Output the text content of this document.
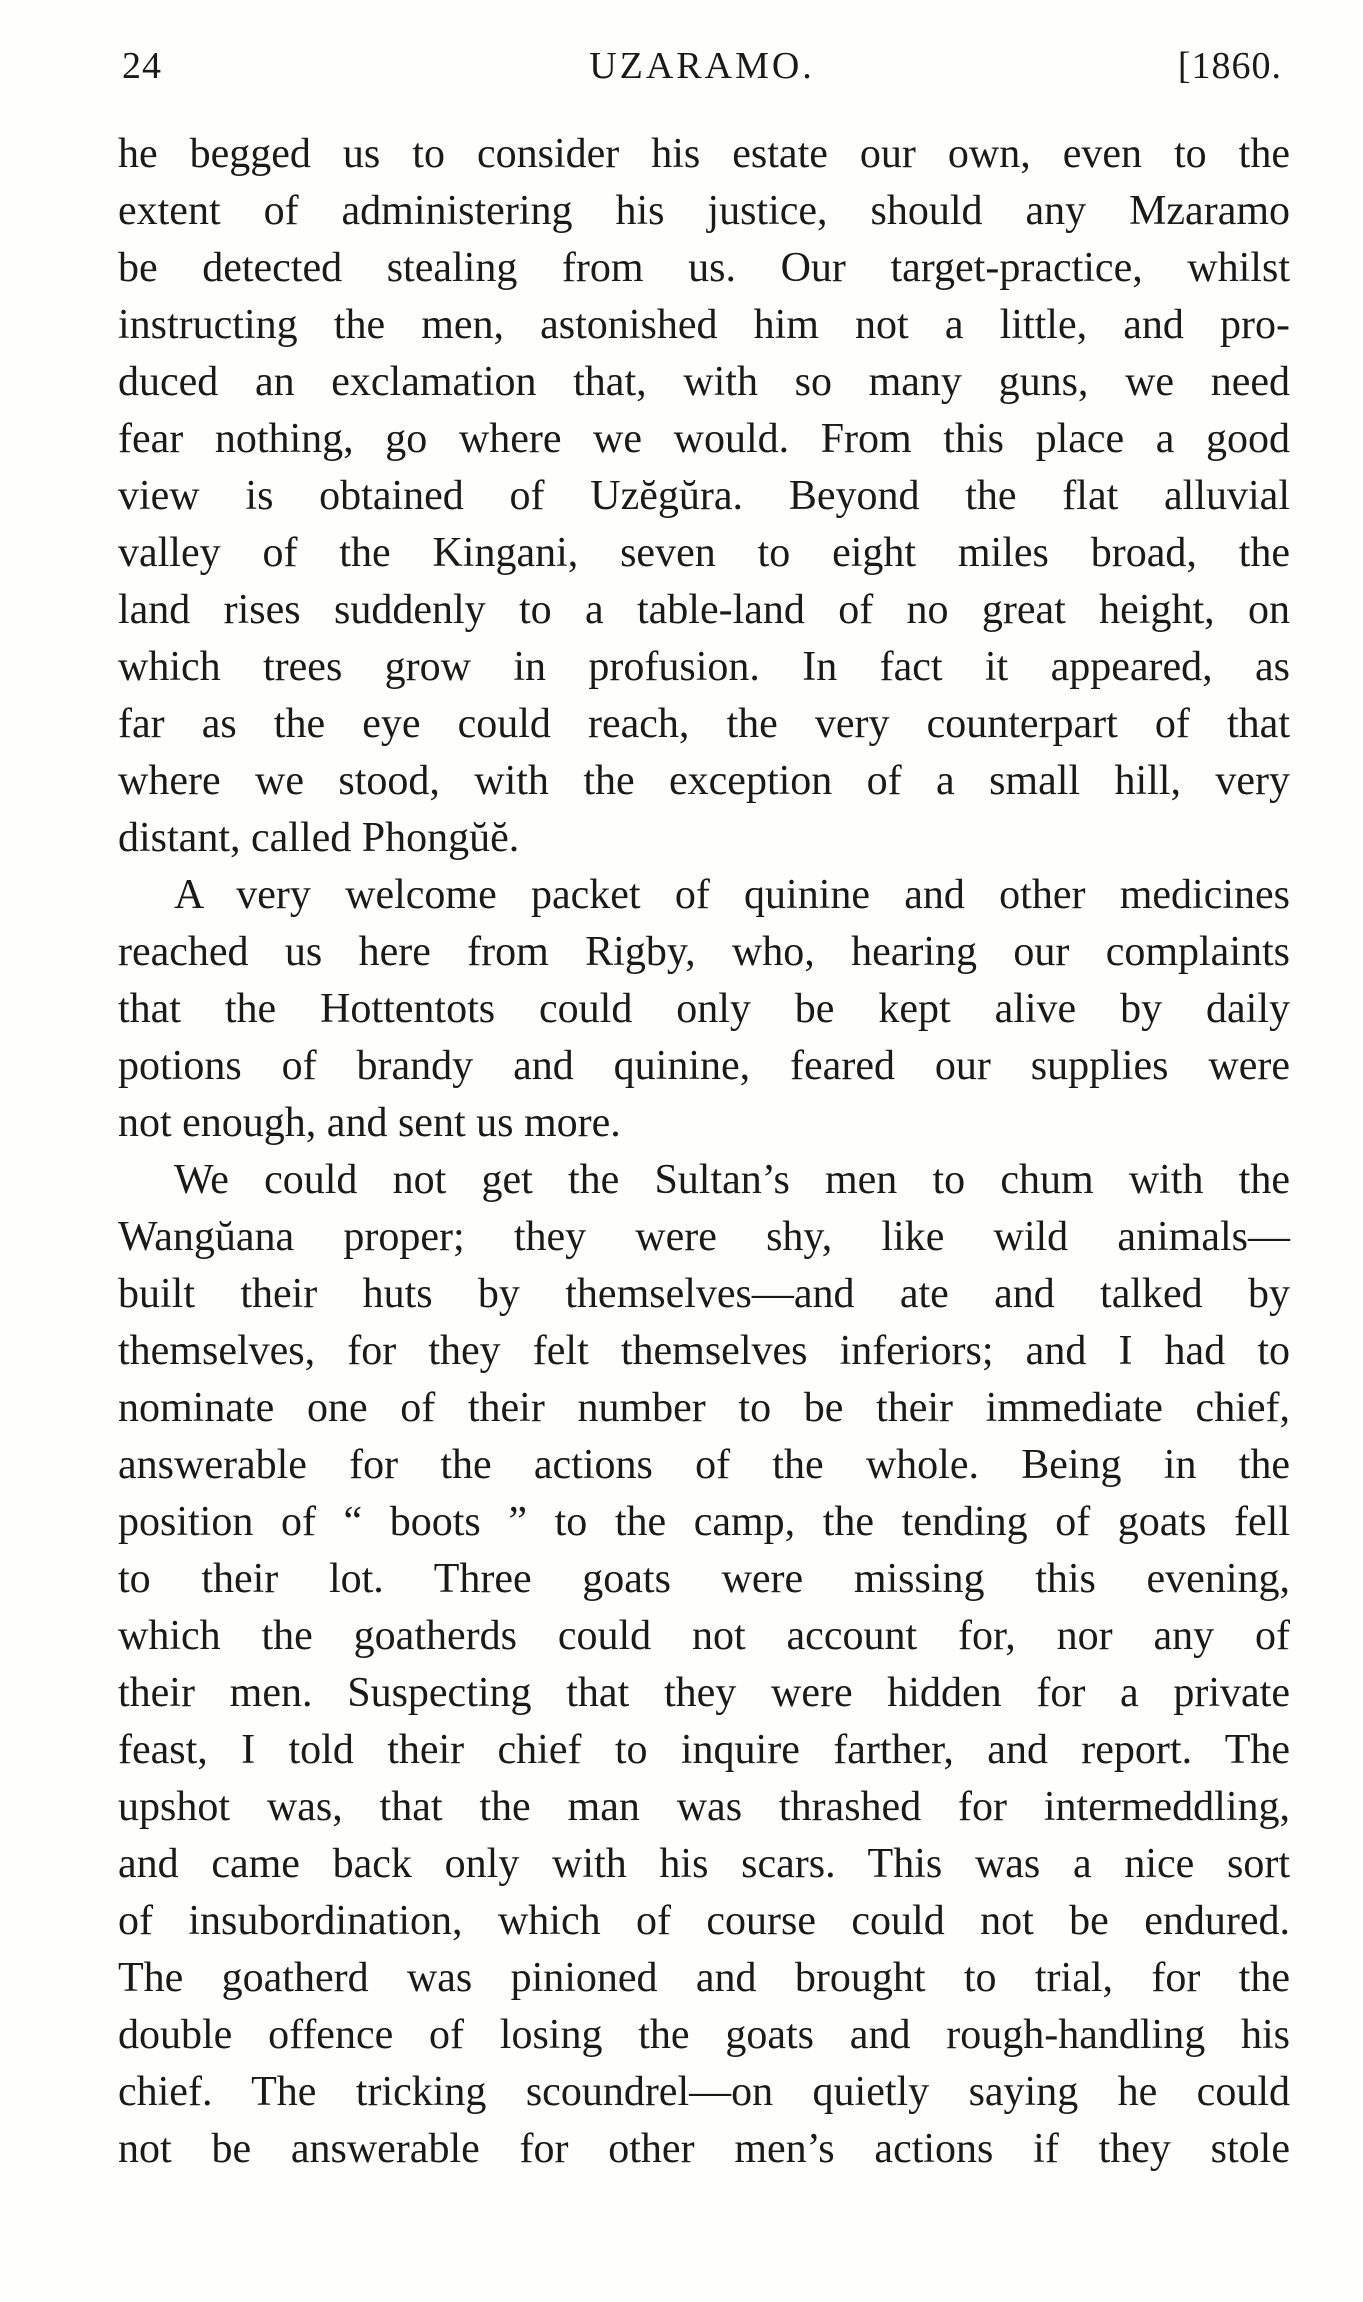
24	UZARAMO.	[1860.
he begged us to consider his estate our own, even to the
extent of administering his justice, should any Mzaramo
be detected stealing from us. Our target-practice, whilst
instructing the men, astonished him not a little, and pro-
duced an exclamation that, with so many guns, we need
fear nothing, go where we would. From this place a good
view is obtained of Uzĕgŭra. Beyond the flat alluvial
valley of the Kingani, seven to eight miles broad, the
land rises suddenly to a table-land of no great height, on
which trees grow in profusion. In fact it appeared, as
far as the eye could reach, the very counterpart of that
where we stood, with the exception of a small hill, very
distant, called Phongŭĕ.
A very welcome packet of quinine and other medicines
reached us here from Rigby, who, hearing our complaints
that the Hottentots could only be kept alive by daily
potions of brandy and quinine, feared our supplies were
not enough, and sent us more.
We could not get the Sultan’s men to chum with the
Wangŭana proper; they were shy, like wild animals—
built their huts by themselves—and ate and talked by
themselves, for they felt themselves inferiors; and I had to
nominate one of their number to be their immediate chief,
answerable for the actions of the whole. Being in the
position of “ boots ” to the camp, the tending of goats fell
to their lot. Three goats were missing this evening,
which the goatherds could not account for, nor any of
their men. Suspecting that they were hidden for a private
feast, I told their chief to inquire farther, and report. The
upshot was, that the man was thrashed for intermeddling,
and came back only with his scars. This was a nice sort
of insubordination, which of course could not be endured.
The goatherd was pinioned and brought to trial, for the
double offence of losing the goats and rough-handling his
chief. The tricking scoundrel—on quietly saying he could
not be answerable for other men’s actions if they stole
